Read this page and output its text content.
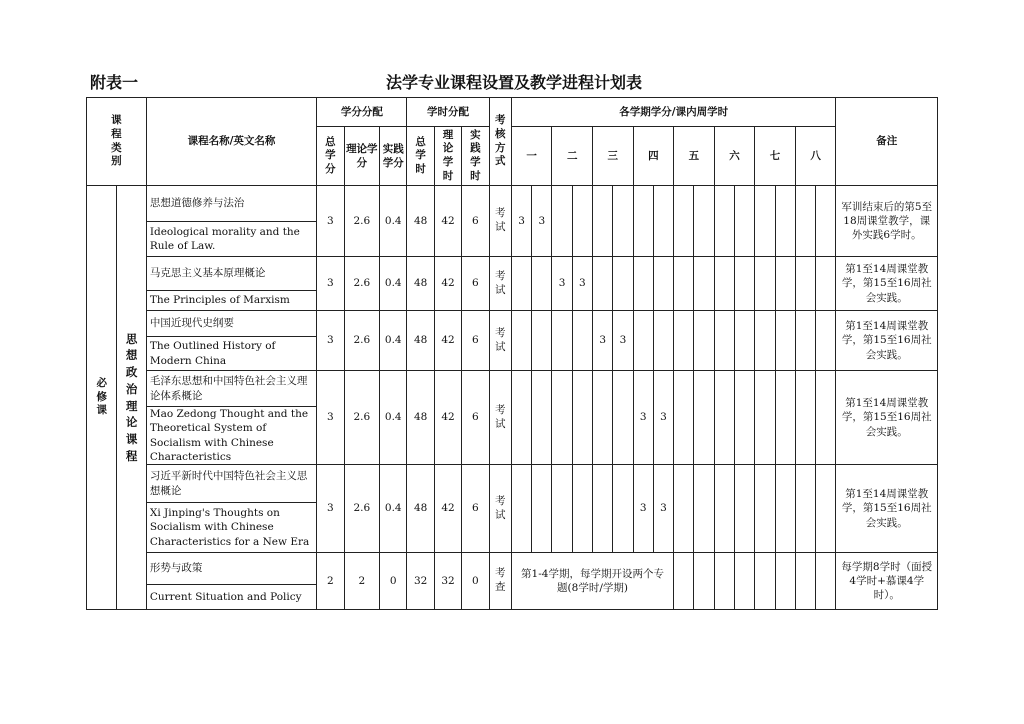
附表一	法学专业课程设置及教学进程计划表
课程类别		课程名称/英文名称	学分分配			学时分配			考核方式	各学期学分/课内周学时																备注
			总学分	理论学分	实践学分	总学时	理论学时	实践学时		一		二		三		四		五		六		七		八		
必修课	思想政治理论课程	思想道德修养与法治	3	2.6	0.4	48	42	6	考试	3	3															军训结束后的第5至18周课堂教学，课外实践6学时。
		Ideological morality and the Rule of Law.																								
		马克思主义基本原理概论	3	2.6	0.4	48	42	6	考试			3	3													第1至14周课堂教学，第15至16周社会实践。
		The Principles of Marxism																								
		中国近现代史纲要	3	2.6	0.4	48	42	6	考试					3	3											第1至14周课堂教学，第15至16周社会实践。
		The Outlined History of Modern China																								
		毛泽东思想和中国特色社会主义理论体系概论	3	2.6	0.4	48	42	6	考试							3	3									第1至14周课堂教学，第15至16周社会实践。
		Mao Zedong Thought and the Theoretical System of Socialism with Chinese Characteristics																								
		习近平新时代中国特色社会主义思想概论	3	2.6	0.4	48	42	6	考试							3	3									第1至14周课堂教学，第15至16周社会实践。
		Xi Jinping's Thoughts on Socialism with Chinese Characteristics for a New Era																								
		形势与政策	2	2	0	32	32	0	考查	第1-4学期，每学期开设两个专题(8学时/学期)																每学期8学时（面授4学时+慕课4学时）。
		Current Situation and Policy																								
